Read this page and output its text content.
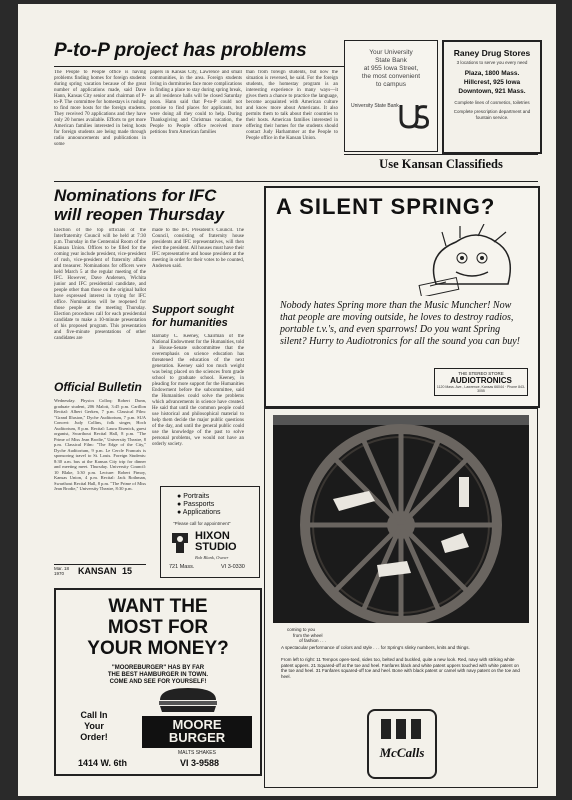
P-to-P project has problems
The People to People office is having problems finding homes for foreign students during spring vacation because of the great number of applications made, said Dave Hann, Kansas City senior and chairman of P-to-P. The committee for homestays is rushing to find more hosts for the foreign students. They received 70 applications and they have only 20 homes available. Efforts to get more American families interested in being hosts for foreign students are being made through radio announcements and publications in some
papers in Kansas City, Lawrence and small communities, in the area. Foreign students living in dormitories face more complications in finding a place to stay during spring break, as all residence halls will be closed Saturday noon. Hann said that P-to-P could not promise to find places for applicants, but were doing all they could to help. During Thanksgiving and Christmas vacation, the People to People office received more petitions from American families
than from foreign students, but now the situation is reversed, he said. For the foreign students, the homestay program is an interesting experience in many ways—it gives them a chance to practice the language, become acquainted with American culture and know more about Americans. It also permits them to talk about their countries to their hosts. American families interested in offering their homes for the students should contact Judy Harhammer at the People to People office in the Kansan Union.
Your University
State Bank
at 955 Iowa Street,
the most convenient
to campus
University State Bank
Raney Drug Stores
3 locations to serve you every need
Plaza, 1800 Mass.
Hillcrest, 925 Iowa
Downtown, 921 Mass.
Complete lines of cosmetics, toiletries
Complete prescription department and fountain service.
Use Kansan Classifieds
Nominations for IFC
will reopen Thursday
Election of the top officials of the Interfraternity Council will be held at 7:30 p.m. Thursday in the Centennial Room of the Kansan Union. Offices to be filled for the coming year include president, vice-president of rush, vice-president of fraternity affairs and treasurer. Nominations for officers were held March 5 at the regular meeting of the IFC. However, Dave Andersen, Wichita junior and IFC presidential candidate, and people other than those on the original ballot have expressed interest in trying for IFC office. Nominations will be reopened for those people at the meeting Thursday. Election procedures call for each presidential candidate to make a 10-minute presentation of his proposed program. This presentation and five-minute presentations of other candidates are
made to the IFC President's Council. The Council, consisting of fraternity house presidents and IFC representatives, will then elect the president. All houses must have their IFC representative and house president at the meeting in order for their votes to be counted, Andersen said.
Support sought
for humanities
Barnaby C. Keeney, Chairman of the National Endowment for the Humanities, told a House-Senate subcommittee that the overemphasis on science education has threatened the education of the next generation. Keeney said too much weight was being placed on the sciences from grade school to graduate school. Keeney, in pleading for more support for the Humanities Endowment before the subcommittee, said the Humanities could solve the problems which advancements in science have created. He said that until the common people could use historical and philosophical material to help them decide the major public questions of the day, and until the general public could use the knowledge of the past to solve personal problems, we would not have an orderly society.
Official Bulletin
Wednesday. Physics Colloq: Robert Dunn, graduate student, 206 Malott, 3:45 p.m. Carillon Recital: Albert Gerken, 7 p.m. Classical Film: "Grand Illusion," Dyche Auditorium, 7 p.m. SUA Concert: Judy Collins, folk singer, Hoch Auditorium, 8 p.m. Recital: Laura Eisenick, guest organist, Swarthout Recital Hall, 8 p.m. "The Prime of Miss Jean Brodie," University Theatre, 8 p.m. Classical Film: "The Edge of the City," Dyche Auditorium, 9 p.m. Le Cercle Francais is sponsoring travel to St. Louis. Foreign Students: 8:30 a.m. bus at the Kansas City trip for dinner and meeting meet. Thursday. University Council: 10 Blake, 3:30 p.m. Lecture: Robert Fimoy, Kansas Union, 4 p.m. Recital: Jack Rothman, Swarthout Recital Hall, 8 p.m. "The Prime of Miss Jean Brodie," University Theatre, 8:30 p.m.
Mar. 18
1970	KANSAN 15
● Portraits
● Passports
● Applications
"Please call for appointment"
HIXON
STUDIO
Bob Blank, Owner
721 Mass.	VI 3-0330
WANT THE
MOST FOR
YOUR MONEY?
"MOOREBURGER" HAS BY FAR
THE BEST HAMBURGER IN TOWN.
COME AND SEE FOR YOURSELF!
Call In
Your
Order!
MOORE
BURGER
MALTS SHAKES
1414 W. 6th	VI 3-9588
A SILENT SPRING?
Nobody hates Spring more than the Music Muncher! Now that people are moving outside, he loves to destroy radios, portable t.v.'s, and even sparrows! Do you want Spring silent? Hurry to Audiotronics for all the sound you can buy!
THE STEREO STORE
AUDIOTRONICS
1120 Mass. Ave., Lawrence, Kansas 66044 · Phone 843-3055
coming to you
from the wheel
of fashion . . .
A spectacular performance of colors and style . . . for Spring's slinky numbers, knits and things.
From left to right: 11 Tempos open-toed, sides too, belted and buckled, quite a new look. Red, navy with striking white patent uppers. 21 Squared-off at the toe and heel. Fanfares black and white patent uppers touched with white patent on the toe and heel. 31 Fanfares squared-off toe and heel. Bone with black patent or camel with navy patent on the toe and heel.
McCalls
